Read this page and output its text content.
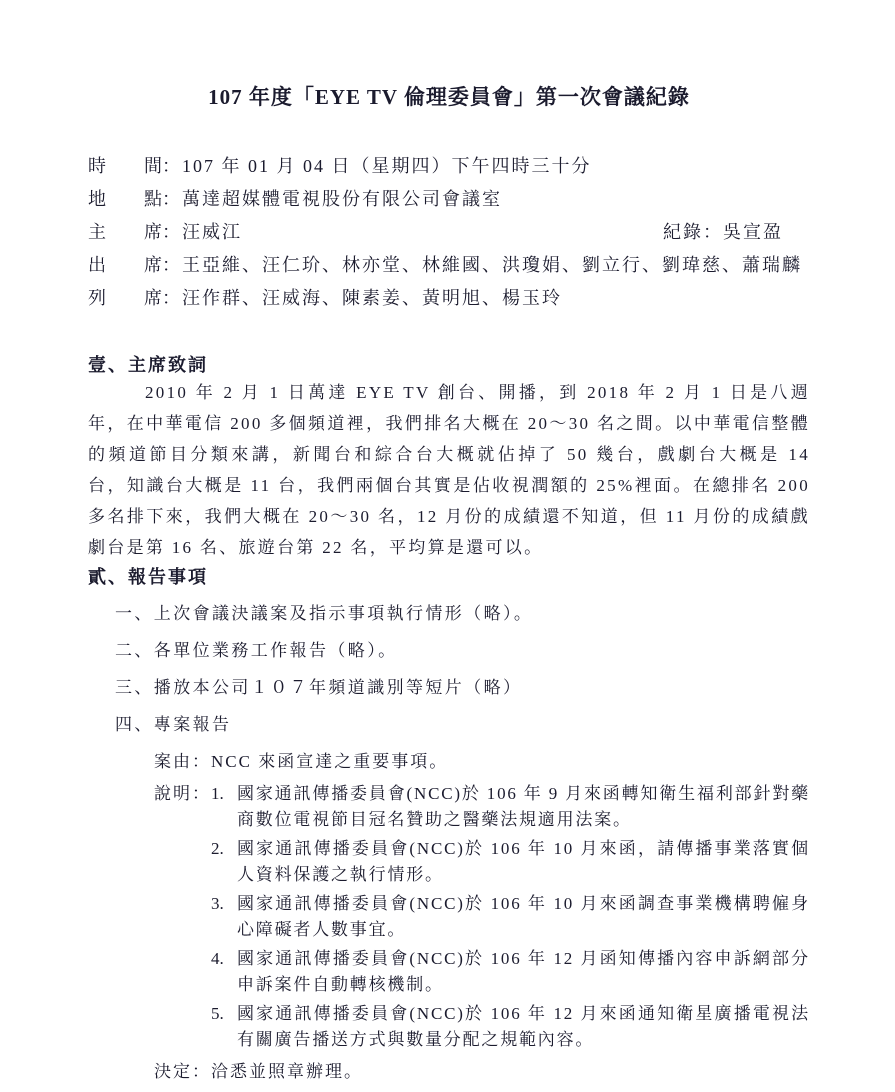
107 年度「EYE TV 倫理委員會」第一次會議紀錄
時 間 ： 107 年 01 月 04 日（星期四）下午四時三十分
地 點 ： 萬達超媒體電視股份有限公司會議室
主 席 ： 汪威江	紀錄：吳宣盈
出 席 ： 王亞維、汪仁玠、林亦堂、林維國、洪瓊娟、劉立行、劉瑋慈、蕭瑞麟
列 席 ： 汪作群、汪威海、陳素姜、黃明旭、楊玉玲
壹、主席致詞

2010 年 2 月 1 日萬達 EYE TV 創台、開播，到 2018 年 2 月 1 日是八週年，在中華電信 200 多個頻道裡，我們排名大概在 20～30 名之間。以中華電信整體的頻道節目分類來講，新聞台和綜合台大概就佔掉了 50 幾台，戲劇台大概是 14 台，知識台大概是 11 台，我們兩個台其實是佔收視潤額的 25%裡面。在總排名 200 多名排下來，我們大概在 20～30 名，12 月份的成績還不知道，但 11 月份的成績戲劇台是第 16 名、旅遊台第 22 名，平均算是還可以。

貳、報告事項
一、上次會議決議案及指示事項執行情形（略）。
二、各單位業務工作報告（略）。
三、播放本公司１０７年頻道識別等短片（略）
四、專案報告
案由：NCC 來函宣達之重要事項。
說明： 1. 國家通訊傳播委員會(NCC)於 106 年 9 月來函轉知衛生福利部針對藥商數位電視節目冠名贊助之醫藥法規適用法案。
2. 國家通訊傳播委員會(NCC)於 106 年 10 月來函，請傳播事業落實個人資料保護之執行情形。
3. 國家通訊傳播委員會(NCC)於 106 年 10 月來函調查事業機構聘僱身心障礙者人數事宜。
4. 國家通訊傳播委員會(NCC)於 106 年 12 月函知傳播內容申訴網部分申訴案件自動轉核機制。
5. 國家通訊傳播委員會(NCC)於 106 年 12 月來函通知衛星廣播電視法有關廣告播送方式與數量分配之規範內容。
決定：洽悉並照章辦理。
